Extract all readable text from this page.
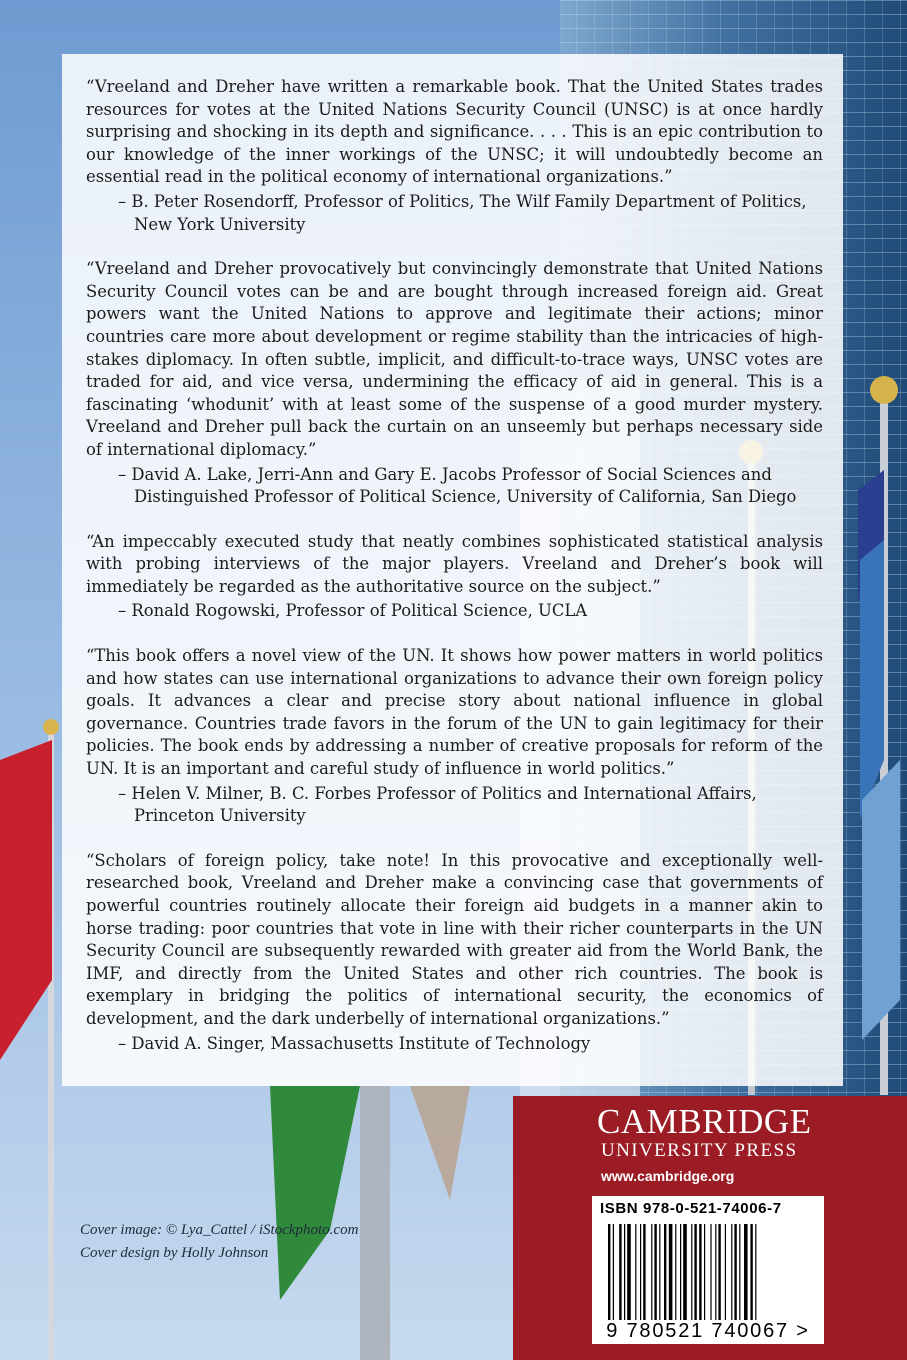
“Vreeland and Dreher have written a remarkable book. That the United States trades resources for votes at the United Nations Security Council (UNSC) is at once hardly surprising and shocking in its depth and significance. . . . This is an epic contribution to our knowledge of the inner workings of the UNSC; it will undoubtedly become an essential read in the political economy of international organizations.”

– B. Peter Rosendorff, Professor of Politics, The Wilf Family Department of Politics, New York University

“Vreeland and Dreher provocatively but convincingly demonstrate that United Nations Security Council votes can be and are bought through increased foreign aid. Great powers want the United Nations to approve and legitimate their actions; minor countries care more about development or regime stability than the intricacies of high-stakes diplomacy. In often subtle, implicit, and difficult-to-trace ways, UNSC votes are traded for aid, and vice versa, undermining the efficacy of aid in general. This is a fascinating ‘whodunit’ with at least some of the suspense of a good murder mystery. Vreeland and Dreher pull back the curtain on an unseemly but perhaps necessary side of international diplomacy.”

– David A. Lake, Jerri-Ann and Gary E. Jacobs Professor of Social Sciences and Distinguished Professor of Political Science, University of California, San Diego

“An impeccably executed study that neatly combines sophisticated statistical analysis with probing interviews of the major players. Vreeland and Dreher’s book will immediately be regarded as the authoritative source on the subject.”

– Ronald Rogowski, Professor of Political Science, UCLA

“This book offers a novel view of the UN. It shows how power matters in world politics and how states can use international organizations to advance their own foreign policy goals. It advances a clear and precise story about national influence in global governance. Countries trade favors in the forum of the UN to gain legitimacy for their policies. The book ends by addressing a number of creative proposals for reform of the UN. It is an important and careful study of influence in world politics.”

– Helen V. Milner, B. C. Forbes Professor of Politics and International Affairs, Princeton University

“Scholars of foreign policy, take note! In this provocative and exceptionally well-researched book, Vreeland and Dreher make a convincing case that governments of powerful countries routinely allocate their foreign aid budgets in a manner akin to horse trading: poor countries that vote in line with their richer counterparts in the UN Security Council are subsequently rewarded with greater aid from the World Bank, the IMF, and directly from the United States and other rich countries. The book is exemplary in bridging the politics of international security, the economics of development, and the dark underbelly of international organizations.”

– David A. Singer, Massachusetts Institute of Technology

CAMBRIDGE
UNIVERSITY PRESS
www.cambridge.org
ISBN 978-0-521-74006-7
9 780521 740067 >
Cover image: © Lya_Cattel / iStockphoto.com
Cover design by Holly Johnson
